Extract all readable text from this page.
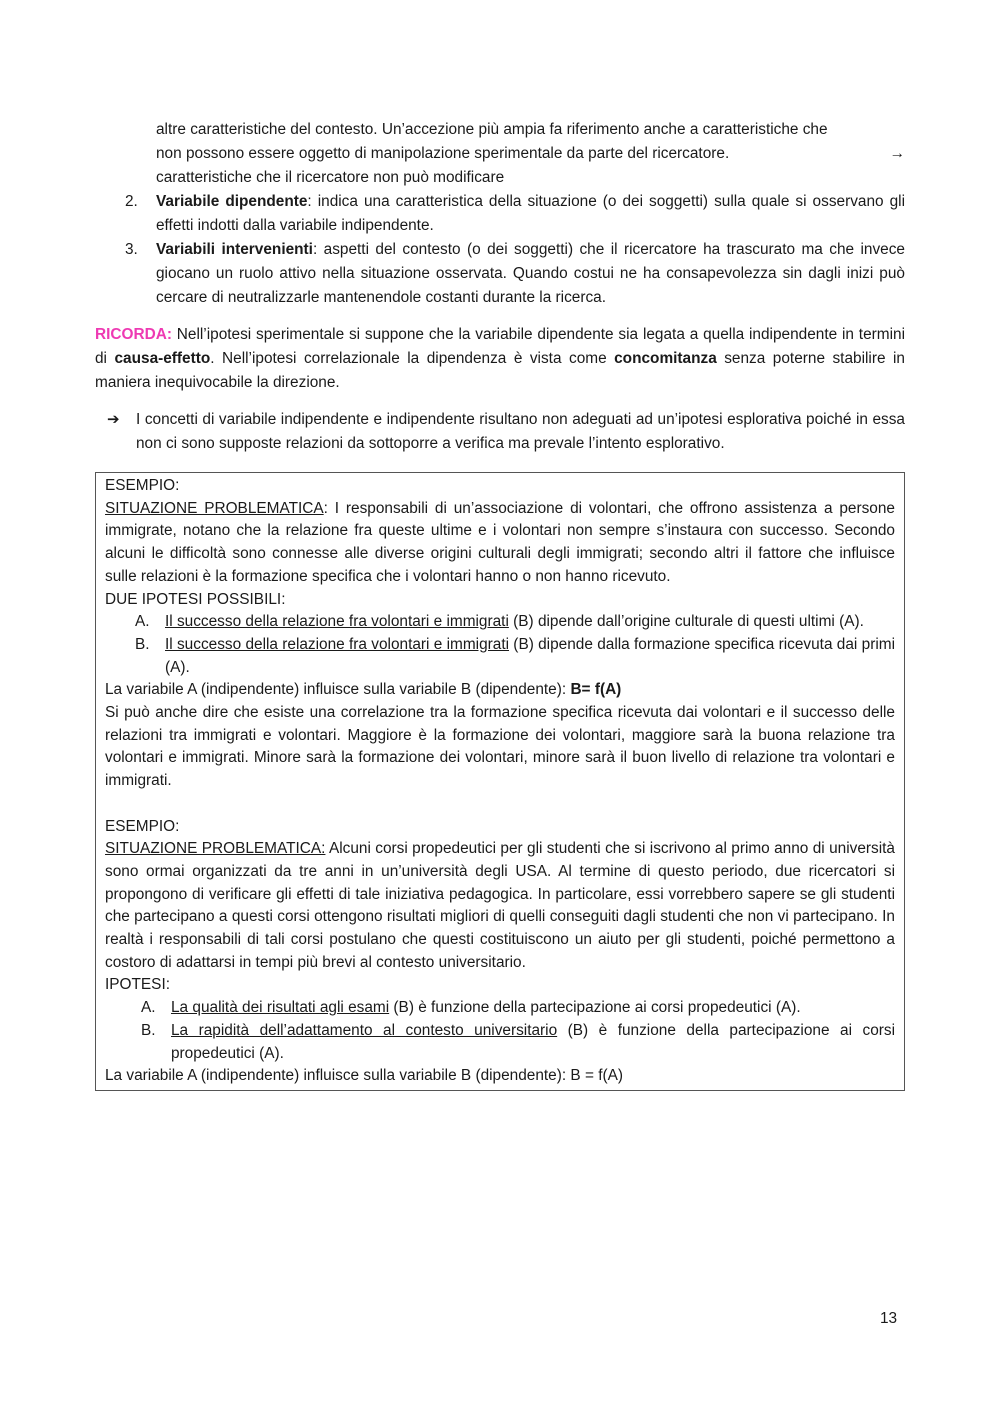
altre caratteristiche del contesto. Un’accezione più ampia fa riferimento anche a caratteristiche che
non possono essere oggetto di manipolazione sperimentale da parte del ricercatore.	→
caratteristiche che il ricercatore non può modificare
2. Variabile dipendente: indica una caratteristica della situazione (o dei soggetti) sulla quale si osservano gli effetti indotti dalla variabile indipendente.
3. Variabili intervenienti: aspetti del contesto (o dei soggetti) che il ricercatore ha trascurato ma che invece giocano un ruolo attivo nella situazione osservata. Quando costui ne ha consapevolezza sin dagli inizi può cercare di neutralizzarle mantenendole costanti durante la ricerca.
RICORDA: Nell’ipotesi sperimentale si suppone che la variabile dipendente sia legata a quella indipendente in termini di causa-effetto. Nell’ipotesi correlazionale la dipendenza è vista come concomitanza senza poterne stabilire in maniera inequivocabile la direzione.
➔ I concetti di variabile indipendente e indipendente risultano non adeguati ad un’ipotesi esplorativa poiché in essa non ci sono supposte relazioni da sottoporre a verifica ma prevale l’intento esplorativo.
ESEMPIO:
SITUAZIONE PROBLEMATICA: I responsabili di un’associazione di volontari, che offrono assistenza a persone immigrate, notano che la relazione fra queste ultime e i volontari non sempre s’instaura con successo. Secondo alcuni le difficoltà sono connesse alle diverse origini culturali degli immigrati; secondo altri il fattore che influisce sulle relazioni è la formazione specifica che i volontari hanno o non hanno ricevuto.
DUE IPOTESI POSSIBILI:
A. Il successo della relazione fra volontari e immigrati (B) dipende dall’origine culturale di questi ultimi (A).
B. Il successo della relazione fra volontari e immigrati (B) dipende dalla formazione specifica ricevuta dai primi (A).
La variabile A (indipendente) influisce sulla variabile B (dipendente): B= f(A)
Si può anche dire che esiste una correlazione tra la formazione specifica ricevuta dai volontari e il successo delle relazioni tra immigrati e volontari. Maggiore è la formazione dei volontari, maggiore sarà la buona relazione tra volontari e immigrati. Minore sarà la formazione dei volontari, minore sarà il buon livello di relazione tra volontari e immigrati.
ESEMPIO:
SITUAZIONE PROBLEMATICA: Alcuni corsi propedeutici per gli studenti che si iscrivono al primo anno di università sono ormai organizzati da tre anni in un’università degli USA. Al termine di questo periodo, due ricercatori si propongono di verificare gli effetti di tale iniziativa pedagogica. In particolare, essi vorrebbero sapere se gli studenti che partecipano a questi corsi ottengono risultati migliori di quelli conseguiti dagli studenti che non vi partecipano. In realtà i responsabili di tali corsi postulano che questi costituiscono un aiuto per gli studenti, poiché permettono a costoro di adattarsi in tempi più brevi al contesto universitario.
IPOTESI:
A. La qualità dei risultati agli esami (B) è funzione della partecipazione ai corsi propedeutici (A).
B. La rapidità dell’adattamento al contesto universitario (B) è funzione della partecipazione ai corsi propedeutici (A).
La variabile A (indipendente) influisce sulla variabile B (dipendente): B = f(A)
13
